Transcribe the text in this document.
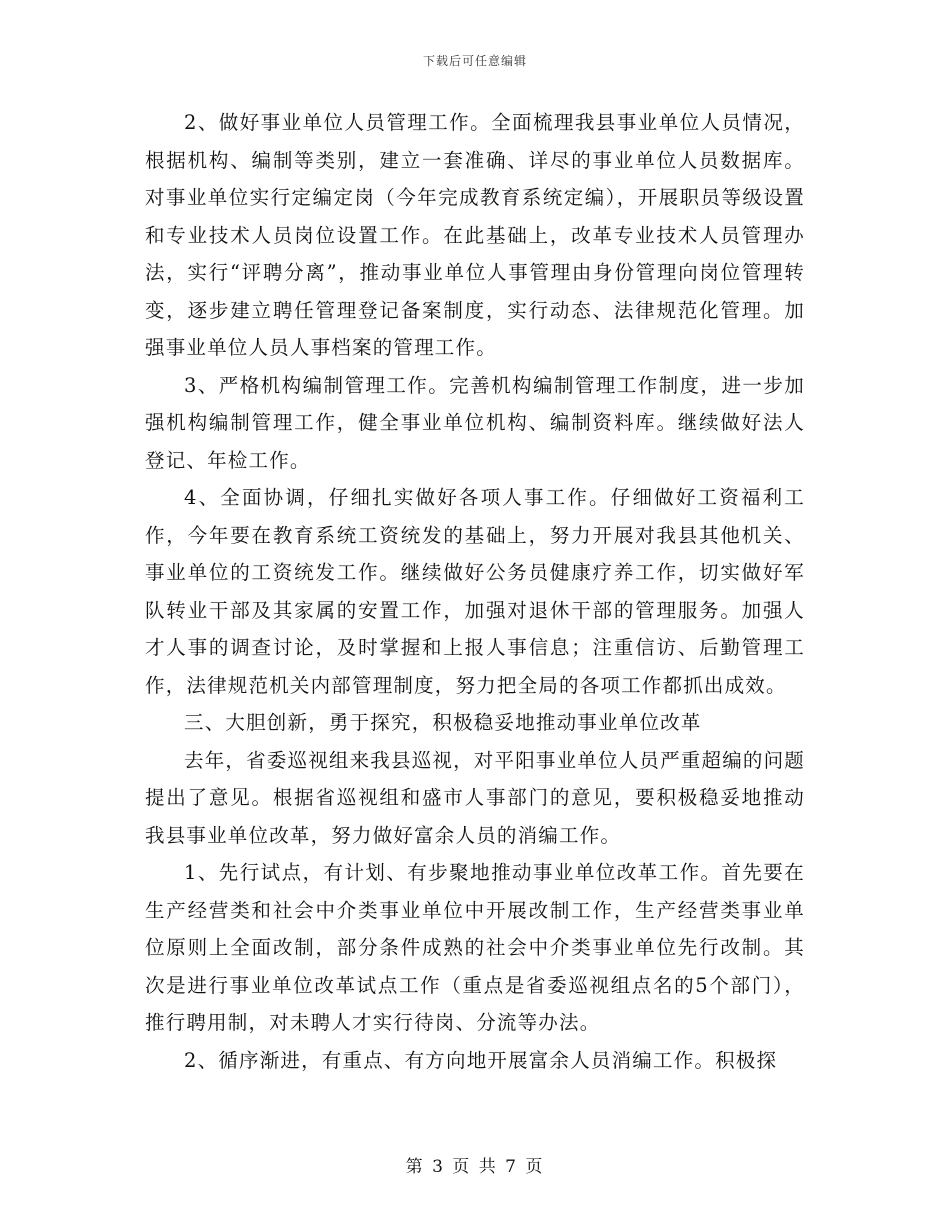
下载后可任意编辑

2、做好事业单位人员管理工作。全面梳理我县事业单位人员情况，根据机构、编制等类别，建立一套准确、详尽的事业单位人员数据库。对事业单位实行定编定岗（今年完成教育系统定编），开展职员等级设置和专业技术人员岗位设置工作。在此基础上，改革专业技术人员管理办法，实行“评聘分离”，推动事业单位人事管理由身份管理向岗位管理转变，逐步建立聘任管理登记备案制度，实行动态、法律规范化管理。加强事业单位人员人事档案的管理工作。

3、严格机构编制管理工作。完善机构编制管理工作制度，进一步加强机构编制管理工作，健全事业单位机构、编制资料库。继续做好法人登记、年检工作。

4、全面协调，仔细扎实做好各项人事工作。仔细做好工资福利工作，今年要在教育系统工资统发的基础上，努力开展对我县其他机关、事业单位的工资统发工作。继续做好公务员健康疗养工作，切实做好军队转业干部及其家属的安置工作，加强对退休干部的管理服务。加强人才人事的调查讨论，及时掌握和上报人事信息；注重信访、后勤管理工作，法律规范机关内部管理制度，努力把全局的各项工作都抓出成效。

三、大胆创新，勇于探究，积极稳妥地推动事业单位改革

去年，省委巡视组来我县巡视，对平阳事业单位人员严重超编的问题提出了意见。根据省巡视组和盛市人事部门的意见，要积极稳妥地推动我县事业单位改革，努力做好富余人员的消编工作。

1、先行试点，有计划、有步聚地推动事业单位改革工作。首先要在生产经营类和社会中介类事业单位中开展改制工作，生产经营类事业单位原则上全面改制，部分条件成熟的社会中介类事业单位先行改制。其次是进行事业单位改革试点工作（重点是省委巡视组点名的5个部门），推行聘用制，对未聘人才实行待岗、分流等办法。

2、循序渐进，有重点、有方向地开展富余人员消编工作。积极探

第 3 页 共 7 页
